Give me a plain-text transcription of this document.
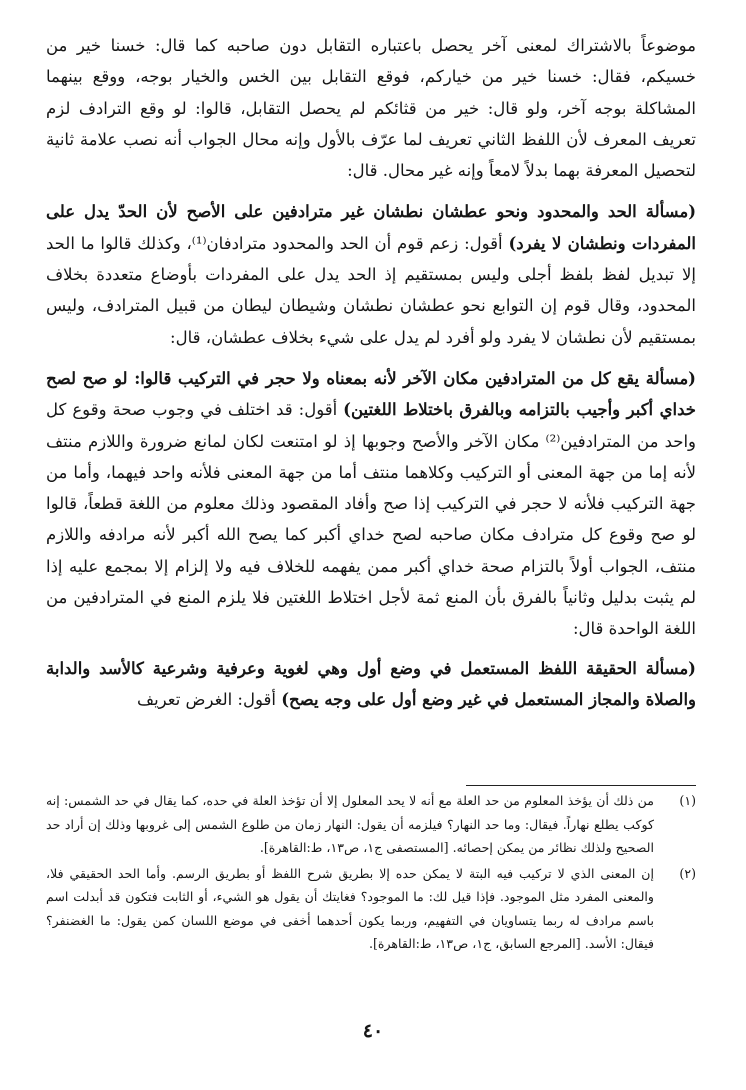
موضوعاً بالاشتراك لمعنى آخر يحصل باعتباره التقابل دون صاحبه كما قال: خسنا خير من خسيكم، فقال: خسنا خير من خياركم، فوقع التقابل بين الخس والخيار بوجه، ووقع بينهما المشاكلة بوجه آخر، ولو قال: خير من قثائكم لم يحصل التقابل، قالوا: لو وقع الترادف لزم تعريف المعرف لأن اللفظ الثاني تعريف لما عرّف بالأول وإنه محال الجواب أنه نصب علامة ثانية لتحصيل المعرفة بهما بدلاً لامعاً وإنه غير محال. قال:

(مسألة الحد والمحدود ونحو عطشان نطشان غير مترادفين على الأصح لأن الحدّ يدل على المفردات ونطشان لا يفرد) أقول: زعم قوم أن الحد والمحدود مترادفان⁽¹⁾، وكذلك قالوا ما الحد إلا تبديل لفظ بلفظ أجلى وليس بمستقيم إذ الحد يدل على المفردات بأوضاع متعددة بخلاف المحدود، وقال قوم إن التوابع نحو عطشان نطشان وشيطان ليطان من قبيل المترادف، وليس بمستقيم لأن نطشان لا يفرد ولو أفرد لم يدل على شيء بخلاف عطشان، قال:

(مسألة يقع كل من المترادفين مكان الآخر لأنه بمعناه ولا حجر في التركيب قالوا: لو صح لصح خداي أكبر وأجيب بالتزامه وبالفرق باختلاط اللغتين) أقول: قد اختلف في وجوب صحة وقوع كل واحد من المترادفين⁽²⁾ مكان الآخر والأصح وجوبها إذ لو امتنعت لكان لمانع ضرورة واللازم منتف لأنه إما من جهة المعنى أو التركيب وكلاهما منتف أما من جهة المعنى فلأنه واحد فيهما، وأما من جهة التركيب فلأنه لا حجر في التركيب إذا صح وأفاد المقصود وذلك معلوم من اللغة قطعاً، قالوا لو صح وقوع كل مترادف مكان صاحبه لصح خداي أكبر كما يصح الله أكبر لأنه مرادفه واللازم منتف، الجواب أولاً بالتزام صحة خداي أكبر ممن يفهمه للخلاف فيه ولا إلزام إلا بمجمع عليه إذا لم يثبت بدليل وثانياً بالفرق بأن المنع ثمة لأجل اختلاط اللغتين فلا يلزم المنع في المترادفين من اللغة الواحدة قال:

(مسألة الحقيقة اللفظ المستعمل في وضع أول وهي لغوية وعرفية وشرعية كالأسد والدابة والصلاة والمجاز المستعمل في غير وضع أول على وجه يصح) أقول: الغرض تعريف

(١)
من ذلك أن يؤخذ المعلوم من حد العلة مع أنه لا يحد المعلول إلا أن تؤخذ العلة في حده، كما يقال في حد الشمس: إنه كوكب يطلع نهاراً. فيقال: وما حد النهار؟ فيلزمه أن يقول: النهار زمان من طلوع الشمس إلى غروبها وذلك إن أراد حد الصحيح ولذلك نظائر من يمكن إحصائه. [المستصفى ج١، ص١٣، ط:القاهرة].
(٢)
إن المعنى الذي لا تركيب فيه البتة لا يمكن حده إلا بطريق شرح اللفظ أو بطريق الرسم. وأما الحد الحقيقي فلا، والمعنى المفرد مثل الموجود. فإذا قيل لك: ما الموجود؟ فغايتك أن يقول هو الشيء، أو الثابت فتكون قد أبدلت اسم باسم مرادف له ربما يتساويان في التفهيم، وربما يكون أحدهما أخفى في موضع اللسان كمن يقول: ما الغضنفر؟ فيقال: الأسد. [المرجع السابق، ج١، ص١٣، ط:القاهرة].
٤٠
